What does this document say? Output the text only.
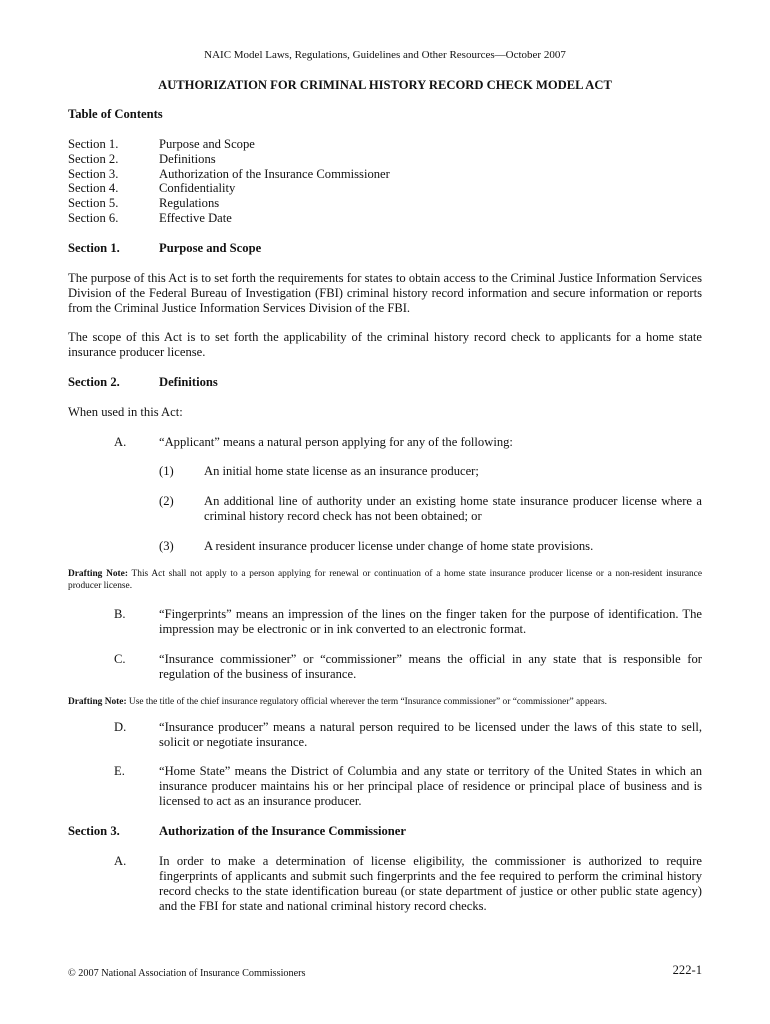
NAIC Model Laws, Regulations, Guidelines and Other Resources—October 2007
AUTHORIZATION FOR CRIMINAL HISTORY RECORD CHECK MODEL ACT
Table of Contents
Section 1.	Purpose and Scope
Section 2.	Definitions
Section 3.	Authorization of the Insurance Commissioner
Section 4.	Confidentiality
Section 5.	Regulations
Section 6.	Effective Date
Section 1.	Purpose and Scope
The purpose of this Act is to set forth the requirements for states to obtain access to the Criminal Justice Information Services Division of the Federal Bureau of Investigation (FBI) criminal history record information and secure information or reports from the Criminal Justice Information Services Division of the FBI.
The scope of this Act is to set forth the applicability of the criminal history record check to applicants for a home state insurance producer license.
Section 2.	Definitions
When used in this Act:
A.	“Applicant” means a natural person applying for any of the following:
(1) An initial home state license as an insurance producer;
(2) An additional line of authority under an existing home state insurance producer license where a criminal history record check has not been obtained; or
(3) A resident insurance producer license under change of home state provisions.
Drafting Note: This Act shall not apply to a person applying for renewal or continuation of a home state insurance producer license or a non-resident insurance producer license.
B.	“Fingerprints” means an impression of the lines on the finger taken for the purpose of identification. The impression may be electronic or in ink converted to an electronic format.
C.	“Insurance commissioner” or “commissioner” means the official in any state that is responsible for regulation of the business of insurance.
Drafting Note: Use the title of the chief insurance regulatory official wherever the term “Insurance commissioner” or “commissioner” appears.
D.	“Insurance producer” means a natural person required to be licensed under the laws of this state to sell, solicit or negotiate insurance.
E.	“Home State” means the District of Columbia and any state or territory of the United States in which an insurance producer maintains his or her principal place of residence or principal place of business and is licensed to act as an insurance producer.
Section 3.	Authorization of the Insurance Commissioner
A.	In order to make a determination of license eligibility, the commissioner is authorized to require fingerprints of applicants and submit such fingerprints and the fee required to perform the criminal history record checks to the state identification bureau (or state department of justice or other public state agency) and the FBI for state and national criminal history record checks.
© 2007 National Association of Insurance Commissioners	222-1
